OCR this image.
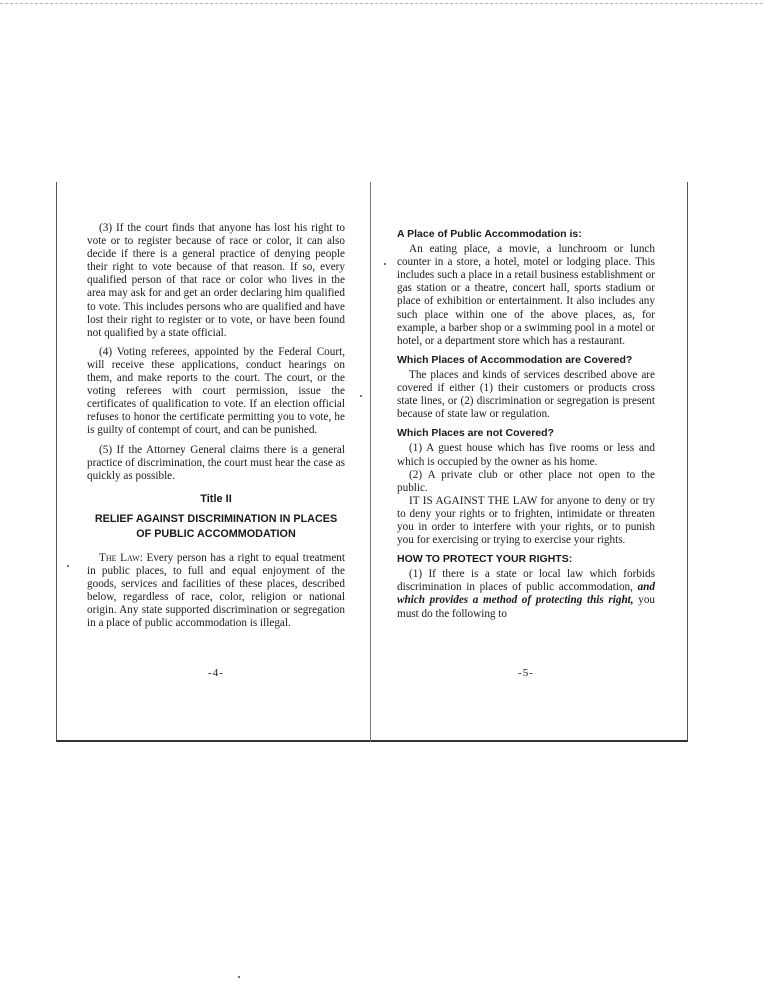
(3) If the court finds that anyone has lost his right to vote or to register because of race or color, it can also decide if there is a general practice of denying people their right to vote because of that reason. If so, every qualified person of that race or color who lives in the area may ask for and get an order declaring him qualified to vote. This includes persons who are qualified and have lost their right to register or to vote, or have been found not qualified by a state official.

(4) Voting referees, appointed by the Federal Court, will receive these applications, conduct hearings on them, and make reports to the court. The court, or the voting referees with court permission, issue the certificates of qualification to vote. If an election official refuses to honor the certificate permitting you to vote, he is guilty of contempt of court, and can be punished.

(5) If the Attorney General claims there is a general practice of discrimination, the court must hear the case as quickly as possible.

Title II
RELIEF AGAINST DISCRIMINATION IN PLACES OF PUBLIC ACCOMMODATION

The Law: Every person has a right to equal treatment in public places, to full and equal enjoyment of the goods, services and facilities of these places, described below, regardless of race, color, religion or national origin. Any state supported discrimination or segregation in a place of public accommodation is illegal.

-4-
A Place of Public Accommodation is:

An eating place, a movie, a lunchroom or lunch counter in a store, a hotel, motel or lodging place. This includes such a place in a retail business establishment or gas station or a theatre, concert hall, sports stadium or place of exhibition or entertainment. It also includes any such place within one of the above places, as, for example, a barber shop or a swimming pool in a motel or hotel, or a department store which has a restaurant.

Which Places of Accommodation are Covered?

The places and kinds of services described above are covered if either (1) their customers or products cross state lines, or (2) discrimination or segregation is present because of state law or regulation.

Which Places are not Covered?

(1) A guest house which has five rooms or less and which is occupied by the owner as his home.

(2) A private club or other place not open to the public.

IT IS AGAINST THE LAW for anyone to deny or try to deny your rights or to frighten, intimidate or threaten you in order to interfere with your rights, or to punish you for exercising or trying to exercise your rights.

HOW TO PROTECT YOUR RIGHTS:

(1) If there is a state or local law which forbids discrimination in places of public accommodation, and which provides a method of protecting this right, you must do the following to

-5-
